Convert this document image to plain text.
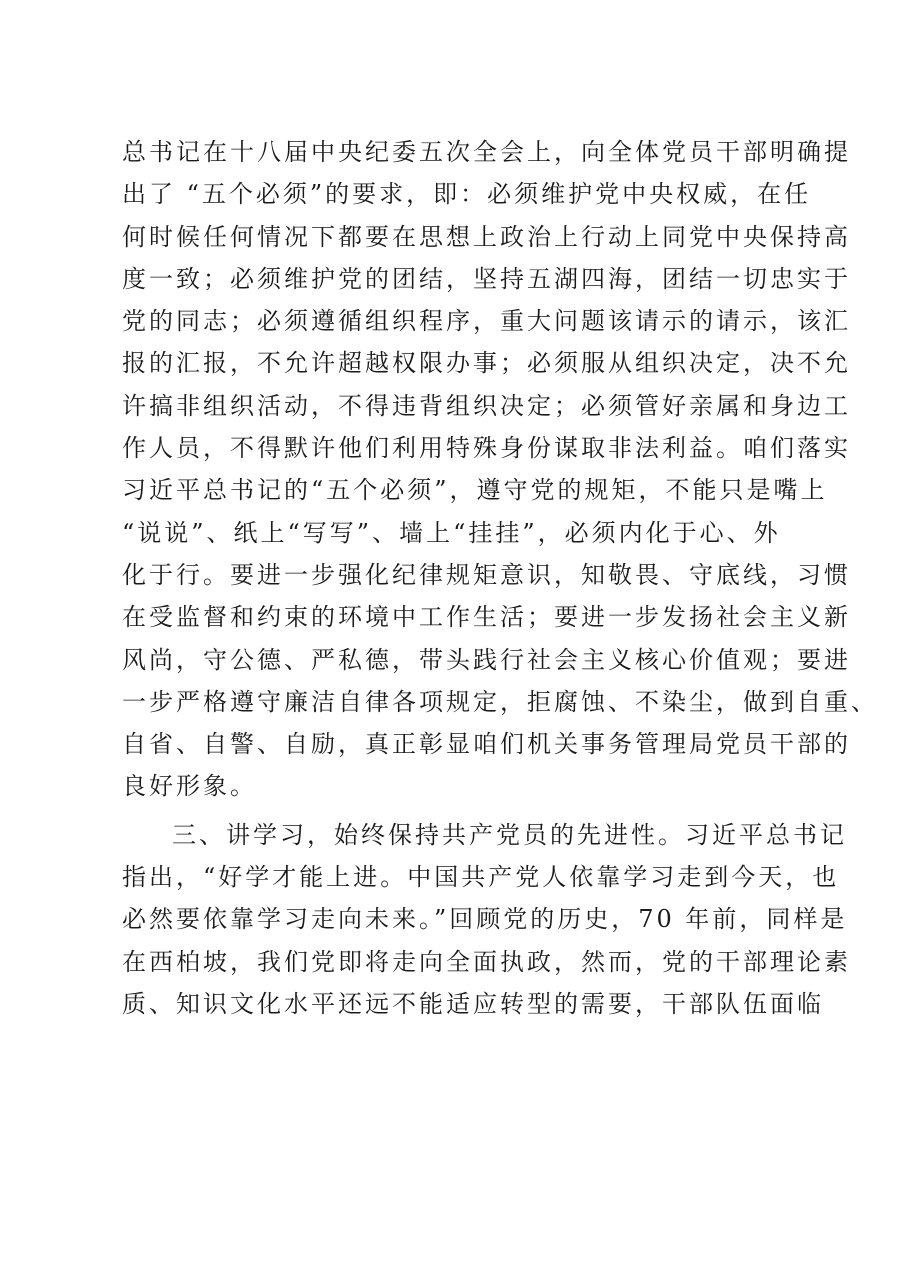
总书记在十八届中央纪委五次全会上，向全体党员干部明确提
出了 “五个必须”的要求，即：必须维护党中央权威，在任
何时候任何情况下都要在思想上政治上行动上同党中央保持高
度一致；必须维护党的团结，坚持五湖四海，团结一切忠实于
党的同志；必须遵循组织程序，重大问题该请示的请示，该汇
报的汇报，不允许超越权限办事；必须服从组织决定，决不允
许搞非组织活动，不得违背组织决定；必须管好亲属和身边工
作人员，不得默许他们利用特殊身份谋取非法利益。咱们落实
习近平总书记的“五个必须”，遵守党的规矩，不能只是嘴上
“说说”、纸上“写写”、墙上“挂挂”，必须内化于心、外
化于行。要进一步强化纪律规矩意识，知敬畏、守底线，习惯
在受监督和约束的环境中工作生活；要进一步发扬社会主义新
风尚，守公德、严私德，带头践行社会主义核心价值观；要进
一步严格遵守廉洁自律各项规定，拒腐蚀、不染尘，做到自重、
自省、自警、自励，真正彰显咱们机关事务管理局党员干部的
良好形象。
三、讲学习，始终保持共产党员的先进性。习近平总书记
指出，“好学才能上进。中国共产党人依靠学习走到今天，也
必然要依靠学习走向未来。”回顾党的历史，70 年前，同样是
在西柏坡，我们党即将走向全面执政，然而，党的干部理论素
质、知识文化水平还远不能适应转型的需要，干部队伍面临
